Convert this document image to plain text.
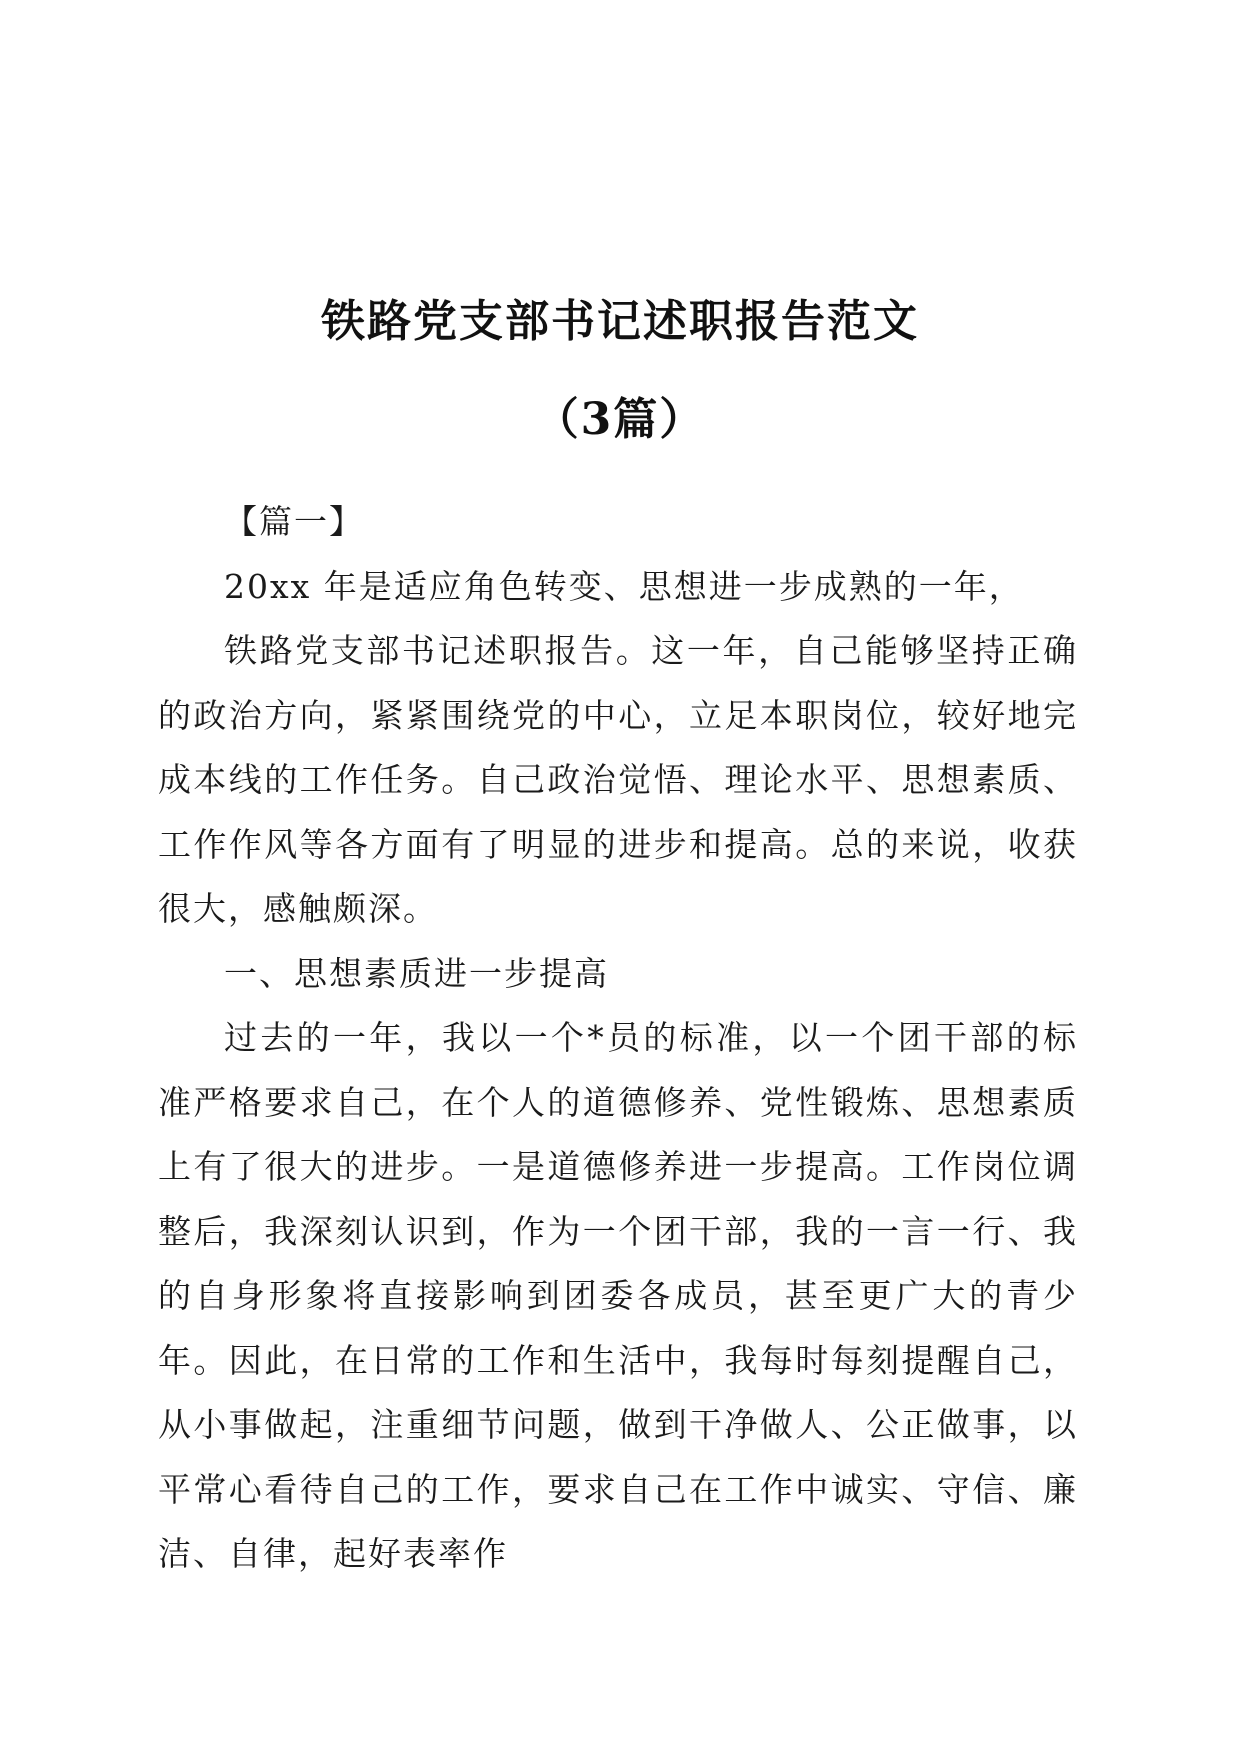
铁路党支部书记述职报告范文
（3篇）

【篇一】

20xx 年是适应角色转变、思想进一步成熟的一年，

铁路党支部书记述职报告。这一年，自己能够坚持正确的政治方向，紧紧围绕党的中心，立足本职岗位，较好地完成本线的工作任务。自己政治觉悟、理论水平、思想素质、工作作风等各方面有了明显的进步和提高。总的来说，收获很大，感触颇深。

一、思想素质进一步提高

过去的一年，我以一个*员的标准，以一个团干部的标准严格要求自己，在个人的道德修养、党性锻炼、思想素质上有了很大的进步。一是道德修养进一步提高。工作岗位调整后，我深刻认识到，作为一个团干部，我的一言一行、我的自身形象将直接影响到团委各成员，甚至更广大的青少年。因此，在日常的工作和生活中，我每时每刻提醒自己，从小事做起，注重细节问题，做到干净做人、公正做事，以平常心看待自己的工作，要求自己在工作中诚实、守信、廉洁、自律，起好表率作
